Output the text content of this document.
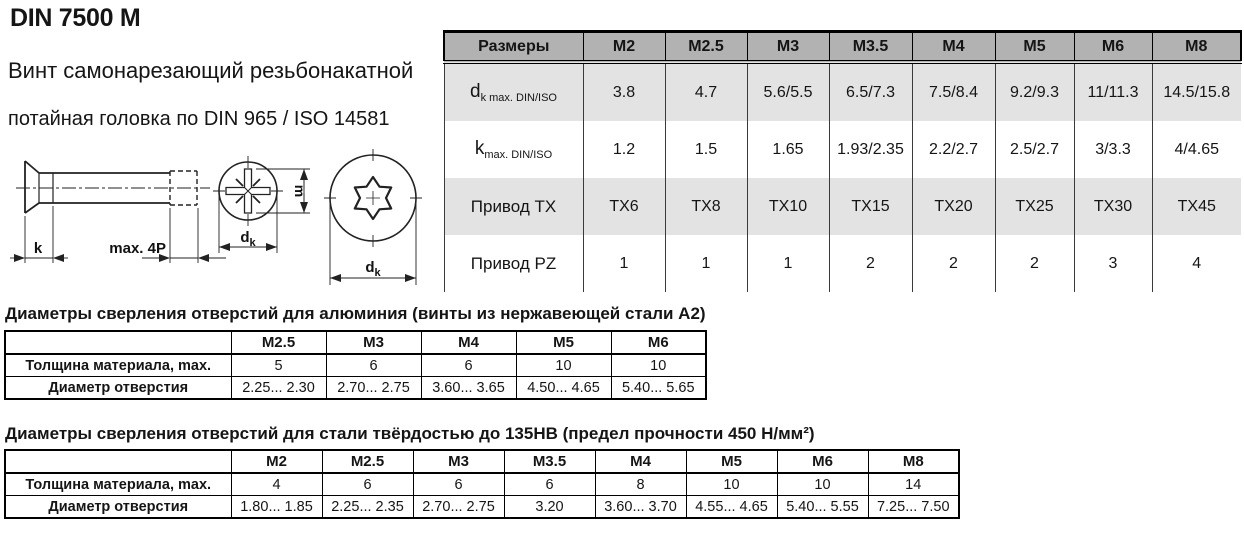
DIN 7500 M
Винт самонарезающий резьбонакатной
потайная головка по DIN 965 / ISO 14581
k	max. 4P
m
$d_k$
$d_k$
Размеры	M2	M2.5	M3	M3.5	M4	M5	M6	M8
$d_{k max. DIN/ISO}$	3.8	4.7	5.6/5.5	6.5/7.3	7.5/8.4	9.2/9.3	11/11.3	14.5/15.8
$k_{max. DIN/ISO}$	1.2	1.5	1.65	1.93/2.35	2.2/2.7	2.5/2.7	3/3.3	4/4.65
Привод TX	TX6	TX8	TX10	TX15	TX20	TX25	TX30	TX45
Привод PZ	1	1	1	2	2	2	3	4
Диаметры сверления отверстий для алюминия (винты из нержавеющей стали A2)
	M2.5	M3	M4	M5	M6
Толщина материала, max.	5	6	6	10	10
Диаметр отверстия	2.25... 2.30	2.70... 2.75	3.60... 3.65	4.50... 4.65	5.40... 5.65
Диаметры сверления отверстий для стали твёрдостью до 135HB (предел прочности 450 Н/мм²)
	M2	M2.5	M3	M3.5	M4	M5	M6	M8
Толщина материала, max.	4	6	6	6	8	10	10	14
Диаметр отверстия	1.80... 1.85	2.25... 2.35	2.70... 2.75	3.20	3.60... 3.70	4.55... 4.65	5.40... 5.55	7.25... 7.50
